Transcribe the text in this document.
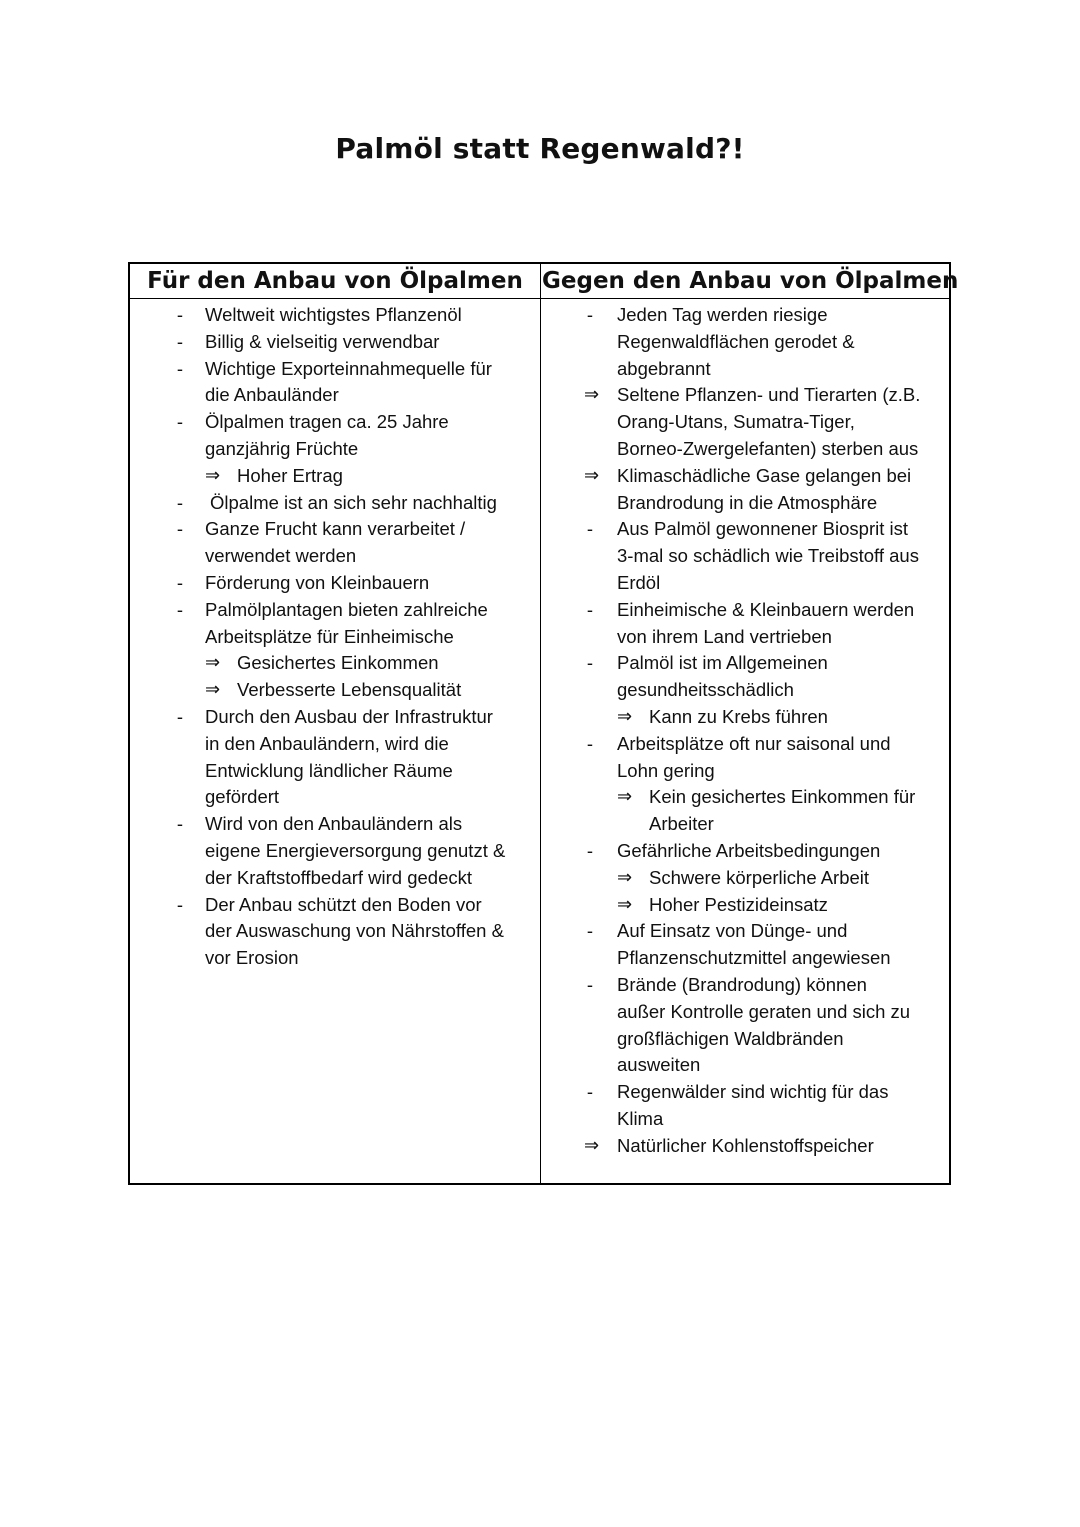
Palmöl statt Regenwald?!
Für den Anbau von Ölpalmen Gegen den Anbau von Ölpalmen
- Weltweit wichtigstes Pflanzenöl
- Billig & vielseitig verwendbar
- Wichtige Exporteinnahmequelle für
die Anbauländer
- Ölpalmen tragen ca. 25 Jahre
ganzjährig Früchte
⇒ Hoher Ertrag
- Ölpalme ist an sich sehr nachhaltig
- Ganze Frucht kann verarbeitet /
verwendet werden
- Förderung von Kleinbauern
- Palmölplantagen bieten zahlreiche
Arbeitsplätze für Einheimische
⇒ Gesichertes Einkommen
⇒ Verbesserte Lebensqualität
- Durch den Ausbau der Infrastruktur
in den Anbauländern, wird die
Entwicklung ländlicher Räume
gefördert
- Wird von den Anbauländern als
eigene Energieversorgung genutzt &
der Kraftstoffbedarf wird gedeckt
- Der Anbau schützt den Boden vor
der Auswaschung von Nährstoffen &
vor Erosion
- Jeden Tag werden riesige
Regenwaldflächen gerodet &
abgebrannt
⇒ Seltene Pflanzen- und Tierarten (z.B.
Orang-Utans, Sumatra-Tiger,
Borneo-Zwergelefanten) sterben aus
⇒ Klimaschädliche Gase gelangen bei
Brandrodung in die Atmosphäre
- Aus Palmöl gewonnener Biosprit ist
3-mal so schädlich wie Treibstoff aus
Erdöl
- Einheimische & Kleinbauern werden
von ihrem Land vertrieben
- Palmöl ist im Allgemeinen
gesundheitsschädlich
⇒ Kann zu Krebs führen
- Arbeitsplätze oft nur saisonal und
Lohn gering
⇒ Kein gesichertes Einkommen für
Arbeiter
- Gefährliche Arbeitsbedingungen
⇒ Schwere körperliche Arbeit
⇒ Hoher Pestizideinsatz
- Auf Einsatz von Dünge- und
Pflanzenschutzmittel angewiesen
- Brände (Brandrodung) können
außer Kontrolle geraten und sich zu
großflächigen Waldbränden
ausweiten
- Regenwälder sind wichtig für das
Klima
⇒ Natürlicher Kohlenstoffspeicher
